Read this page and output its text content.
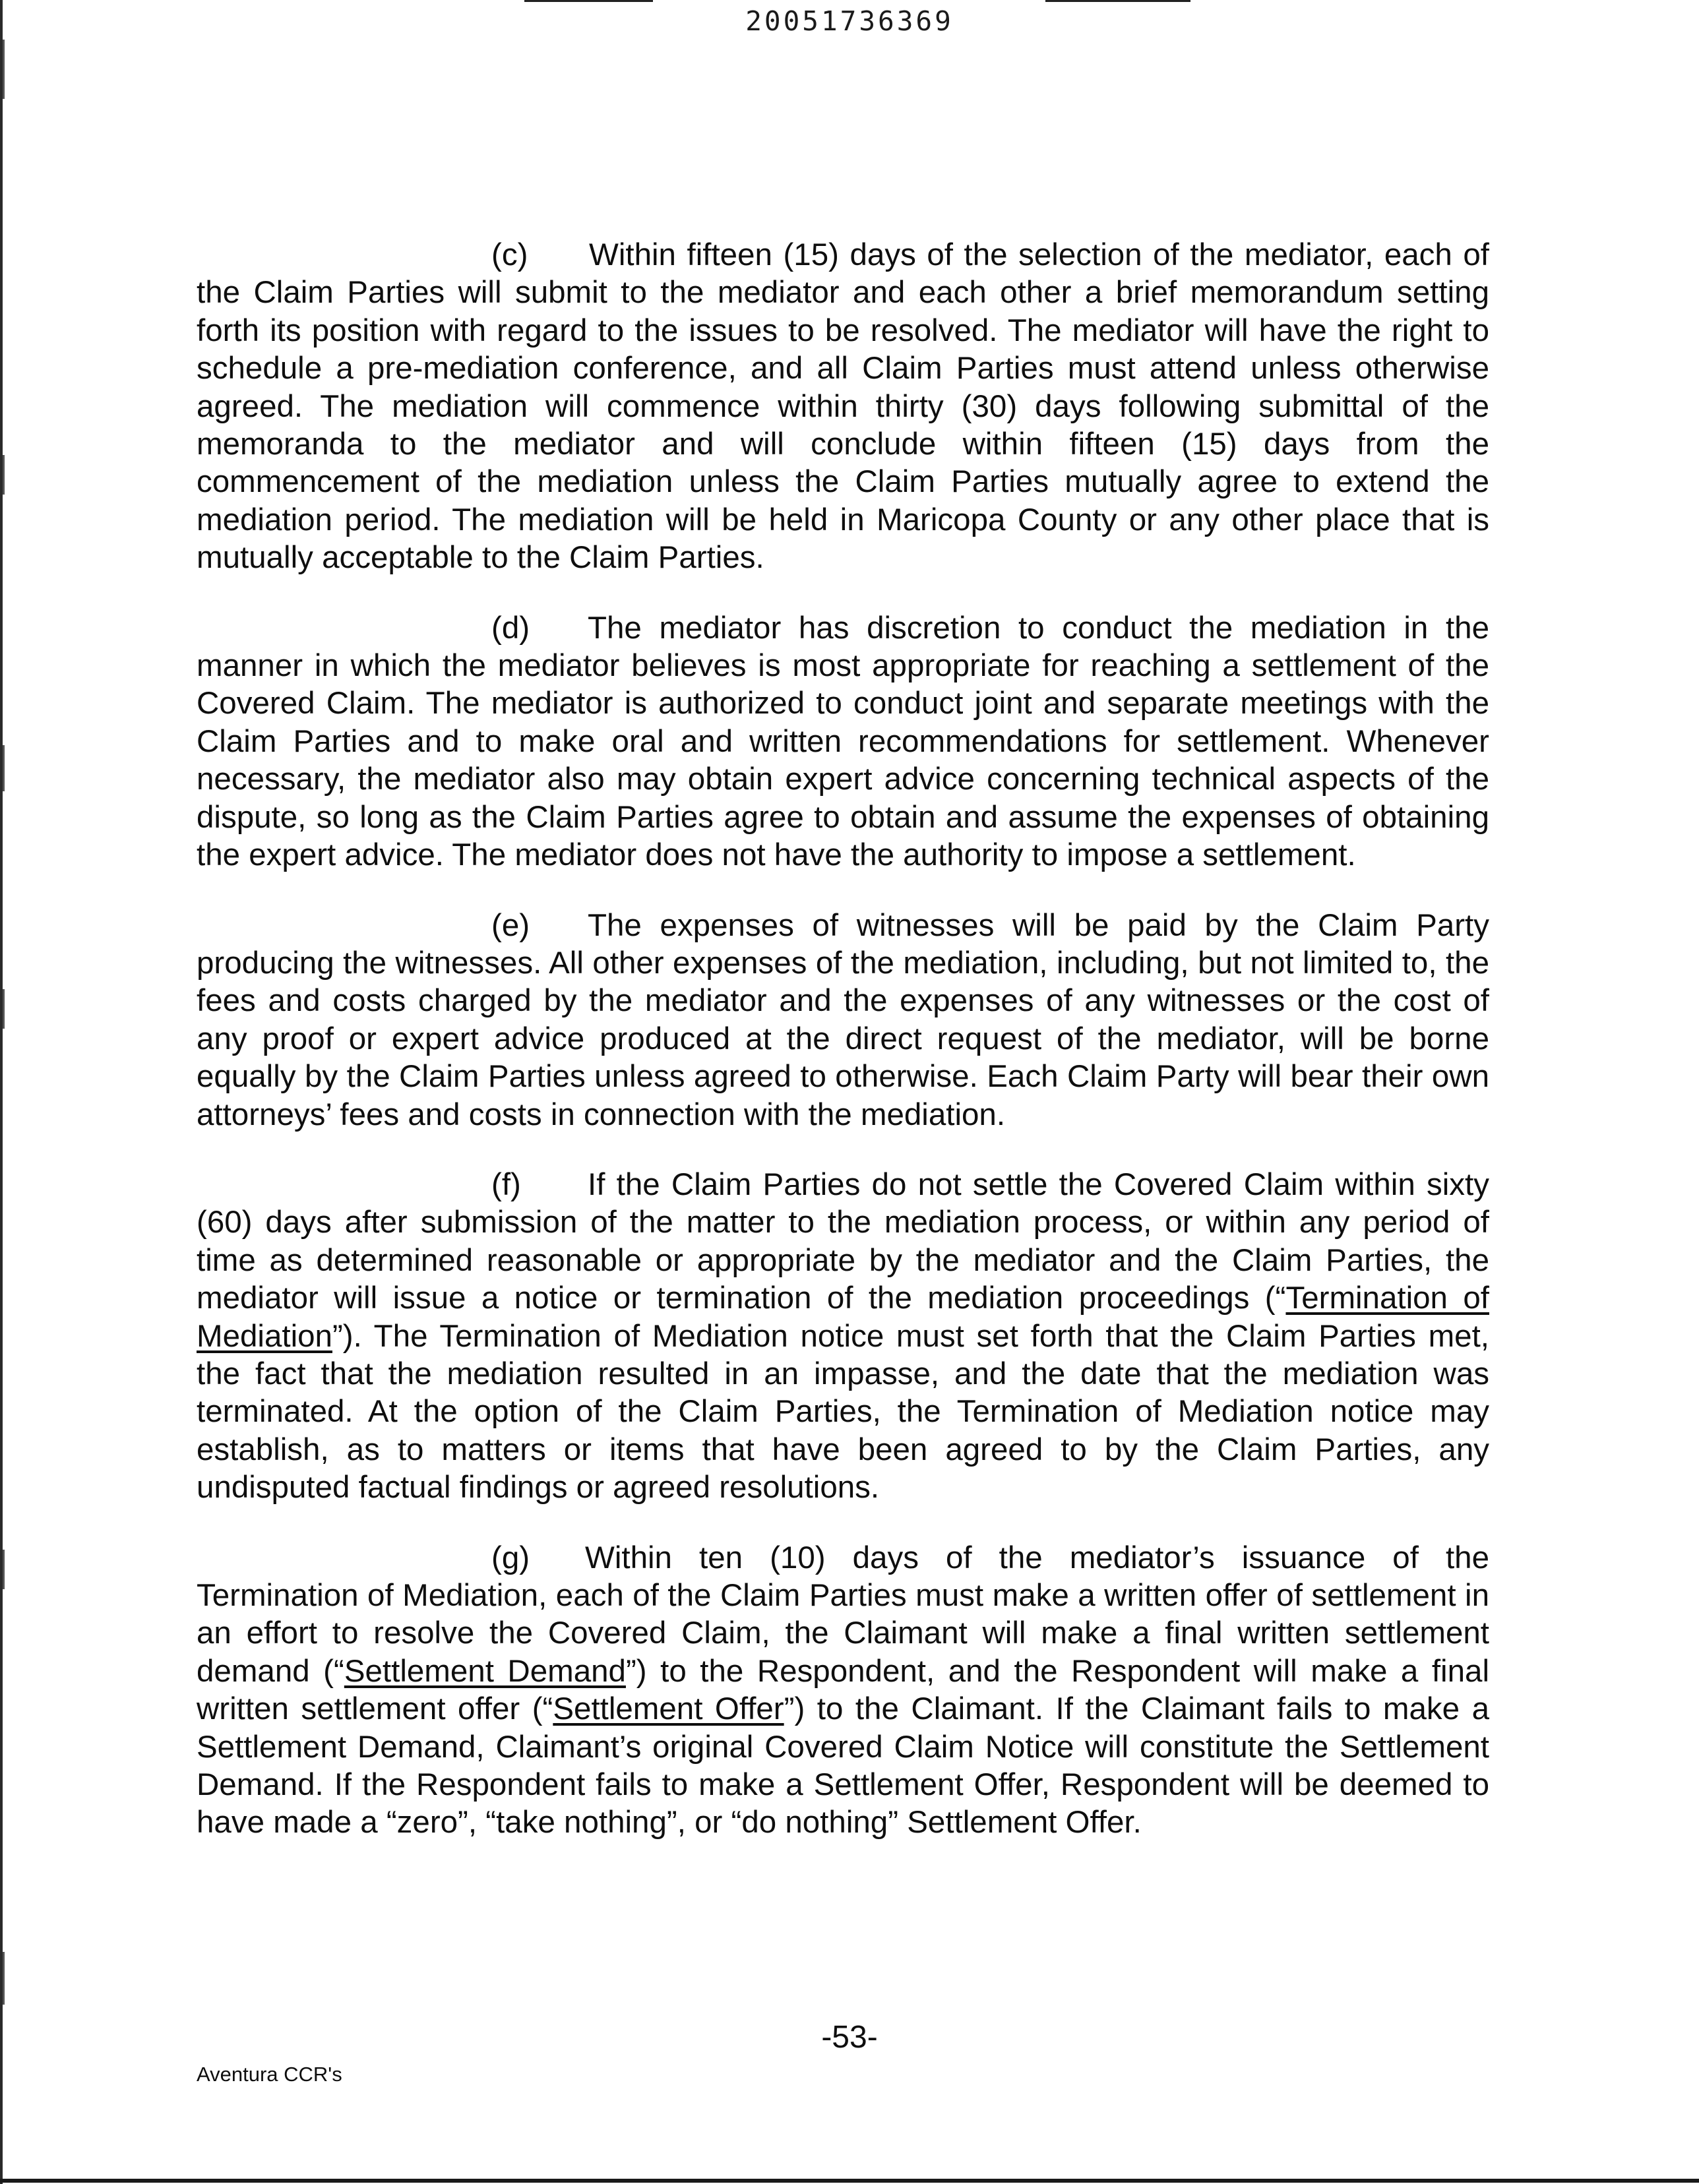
20051736369

(c) Within fifteen (15) days of the selection of the mediator, each of the Claim Parties will submit to the mediator and each other a brief memorandum setting forth its position with regard to the issues to be resolved. The mediator will have the right to schedule a pre-mediation conference, and all Claim Parties must attend unless otherwise agreed. The mediation will commence within thirty (30) days following submittal of the memoranda to the mediator and will conclude within fifteen (15) days from the commencement of the mediation unless the Claim Parties mutually agree to extend the mediation period. The mediation will be held in Maricopa County or any other place that is mutually acceptable to the Claim Parties.

(d) The mediator has discretion to conduct the mediation in the manner in which the mediator believes is most appropriate for reaching a settlement of the Covered Claim. The mediator is authorized to conduct joint and separate meetings with the Claim Parties and to make oral and written recommendations for settlement. Whenever necessary, the mediator also may obtain expert advice concerning technical aspects of the dispute, so long as the Claim Parties agree to obtain and assume the expenses of obtaining the expert advice. The mediator does not have the authority to impose a settlement.

(e) The expenses of witnesses will be paid by the Claim Party producing the witnesses. All other expenses of the mediation, including, but not limited to, the fees and costs charged by the mediator and the expenses of any witnesses or the cost of any proof or expert advice produced at the direct request of the mediator, will be borne equally by the Claim Parties unless agreed to otherwise. Each Claim Party will bear their own attorneys’ fees and costs in connection with the mediation.

(f) If the Claim Parties do not settle the Covered Claim within sixty (60) days after submission of the matter to the mediation process, or within any period of time as determined reasonable or appropriate by the mediator and the Claim Parties, the mediator will issue a notice or termination of the mediation proceedings (“Termination of Mediation”). The Termination of Mediation notice must set forth that the Claim Parties met, the fact that the mediation resulted in an impasse, and the date that the mediation was terminated. At the option of the Claim Parties, the Termination of Mediation notice may establish, as to matters or items that have been agreed to by the Claim Parties, any undisputed factual findings or agreed resolutions.

(g) Within ten (10) days of the mediator’s issuance of the Termination of Mediation, each of the Claim Parties must make a written offer of settlement in an effort to resolve the Covered Claim, the Claimant will make a final written settlement demand (“Settlement Demand”) to the Respondent, and the Respondent will make a final written settlement offer (“Settlement Offer”) to the Claimant. If the Claimant fails to make a Settlement Demand, Claimant’s original Covered Claim Notice will constitute the Settlement Demand. If the Respondent fails to make a Settlement Offer, Respondent will be deemed to have made a “zero”, “take nothing”, or “do nothing” Settlement Offer.

-53-
Aventura CCR's
